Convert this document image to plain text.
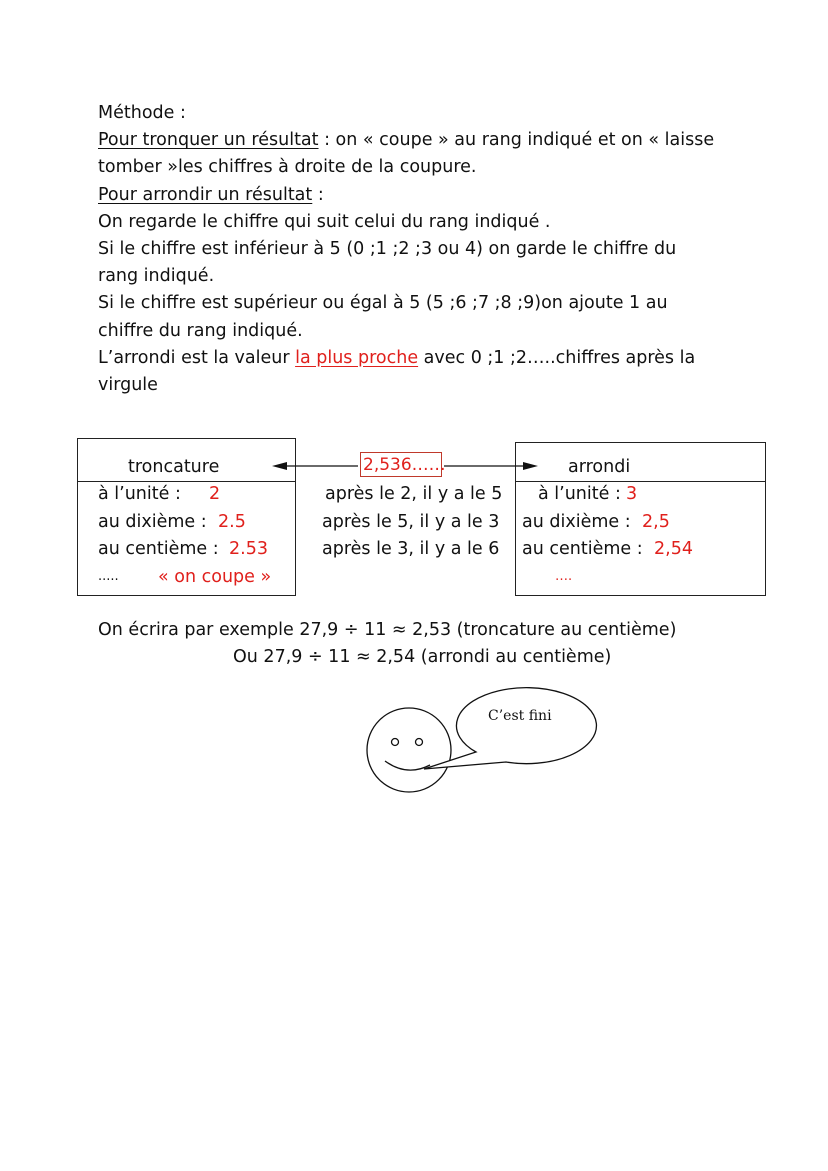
Méthode :

Pour tronquer un résultat : on « coupe » au rang indiqué et on « laisse

tomber »les chiffres à droite de la coupure.

Pour arrondir un résultat :

On regarde le chiffre qui suit celui du rang indiqué .

Si le chiffre est inférieur à 5 (0 ;1 ;2 ;3 ou 4) on garde le chiffre du

rang indiqué.

Si le chiffre est supérieur ou égal à 5 (5 ;6 ;7 ;8 ;9)on ajoute 1 au

chiffre du rang indiqué.

L’arrondi est la valeur la plus proche avec 0 ;1 ;2…..chiffres après la

virgule

troncature
à l’unité : 2
au dixième : 2.5
au centième : 2.53
..... « on coupe »
2,536……
après le 2, il y a le 5
après le 5, il y a le 3
après le 3, il y a le 6
arrondi
à l’unité : 3
au dixième : 2,5
au centième : 2,54
….
C’est fini
On écrira par exemple 27,9 ÷ 11 ≈ 2,53 (troncature au centième)
Ou 27,9 ÷ 11 ≈ 2,54 (arrondi au centième)
